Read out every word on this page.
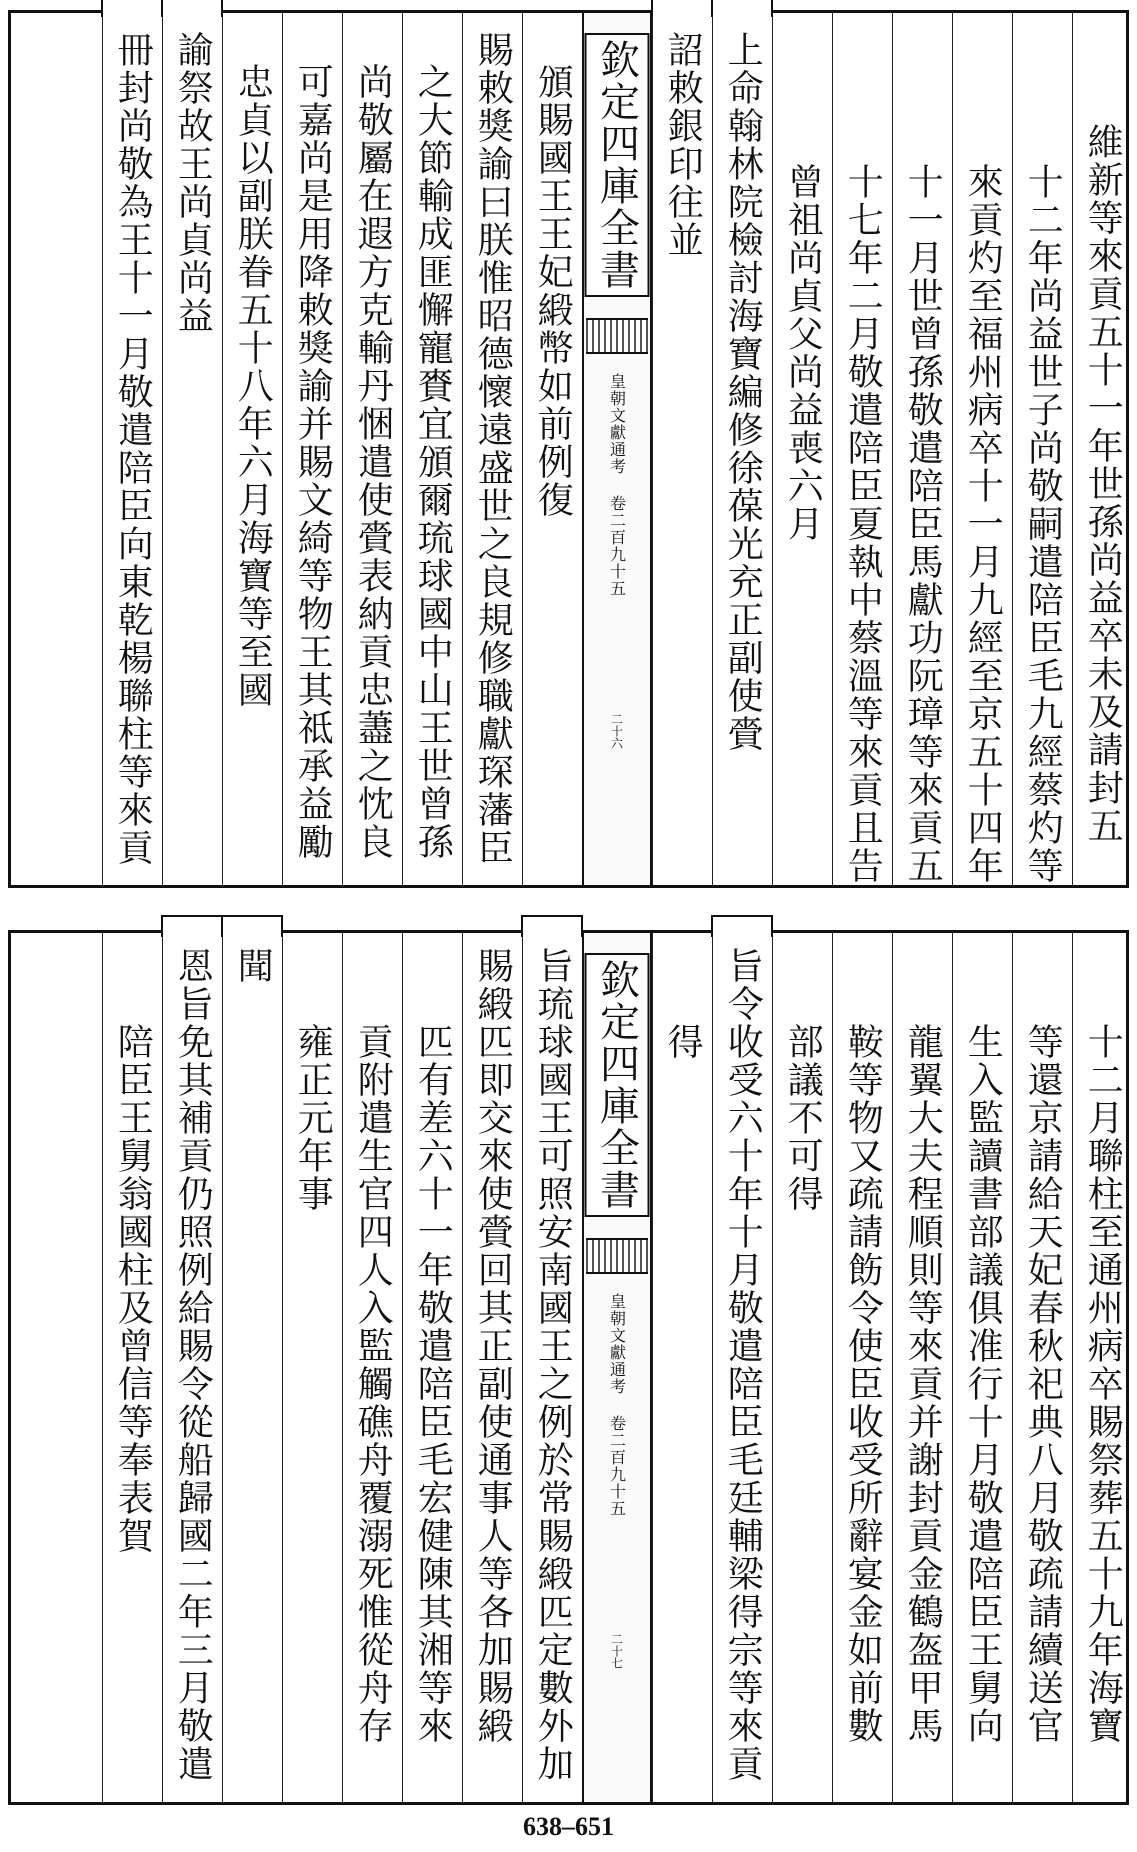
維新等來貢五十一年世孫尚益卒未及請封五
十二年尚益世子尚敬嗣遣陪臣毛九經蔡灼等
來貢灼至福州病卒十一月九經至京五十四年
十一月世曾孫敬遣陪臣馬獻功阮璋等來貢五
十七年二月敬遣陪臣夏執中蔡溫等來貢且告
曾祖尚貞父尚益喪六月
上命翰林院檢討海寶編修徐葆光充正副使賫
詔敕銀印往並
欽定四庫全書
皇朝文獻通考 卷二百九十五
二十六
頒賜國王王妃緞幣如前例復
賜敕獎諭曰朕惟昭德懷遠盛世之良規修職獻琛藩臣
之大節輸成匪懈寵賚宜頒爾琉球國中山王世曾孫
尚敬屬在遐方克輸丹悃遣使賫表納貢忠藎之忱良
可嘉尚是用降敕獎諭并賜文綺等物王其祗承益勵
忠貞以副朕眷五十八年六月海寶等至國
諭祭故王尚貞尚益
冊封尚敬為王十一月敬遣陪臣向東乾楊聯柱等來貢
十二月聯柱至通州病卒賜祭葬五十九年海寶
等還京請給天妃春秋祀典八月敬疏請續送官
生入監讀書部議俱准行十月敬遣陪臣王舅向
龍翼大夫程順則等來貢并謝封貢金鶴盔甲馬
鞍等物又疏請飭令使臣收受所辭宴金如前數
部議不可得
旨令收受六十年十月敬遣陪臣毛廷輔梁得宗等來貢
得
欽定四庫全書
皇朝文獻通考 卷二百九十五
二十七
旨琉球國王可照安南國王之例於常賜緞匹定數外加
賜緞匹即交來使賫回其正副使通事人等各加賜緞
匹有差六十一年敬遣陪臣毛宏健陳其湘等來
貢附遣生官四人入監觸礁舟覆溺死惟從舟存
雍正元年事
聞
恩旨免其補貢仍照例給賜令從船歸國二年三月敬遣
陪臣王舅翁國柱及曾信等奉表賀
638–651
